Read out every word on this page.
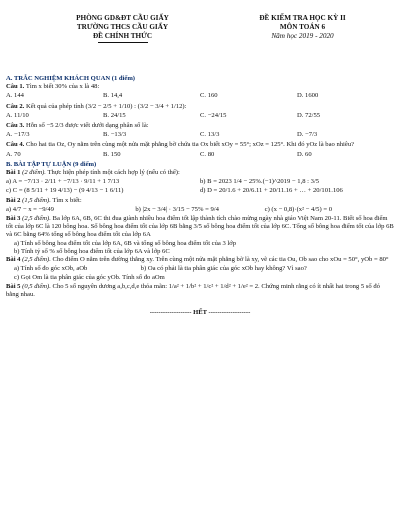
PHÒNG GD&ĐT CẦU GIẤY
TRƯỜNG THCS CẦU GIẤY
ĐỀ CHÍNH THỨC
ĐỀ KIỂM TRA HỌC KỲ II
MÔN TOÁN 6
Năm học 2019 - 2020
A. TRẮC NGHIỆM KHÁCH QUAN (1 điểm)

Câu 1. Tìm x biết 30% của x là 48:

A. 144	B. 14,4	C. 160	D. 1600

Câu 2. Kết quả của phép tính (3/2 − 2/5 + 1/10) : (3/2 − 3/4 + 1/12):

A. 11/10	B. 24/15	C. −24/15	D. 72/55

Câu 3. Hỗn số −5 2/3 được viết dưới dạng phân số là:

A. −17/3	B. −13/3	C. 13/3	D. −7/3

Câu 4. Cho hai tia Oz, Oy nằm trên cùng một nửa mặt phẳng bờ chứa tia Ox biết xOy = 55°; xOz = 125°. Khi đó yOz là bao nhiêu?

A. 70	B. 150	C. 80	D. 60
B. BÀI TẬP TỰ LUẬN (9 điểm)

Bài 1 (2 điểm). Thực hiện phép tính một cách hợp lý (nếu có thể):

a) A = −7/13 · 2/11 + −7/13 · 9/11 + 1 7/13	b) B = 2023 1/4 − 25%.(−1)^2019 − 1,8 : 3/5
c) C = (8 5/11 + 19 4/13) − (9 4/13 − 1 6/11)	d) D = 20/1.6 + 20/6.11 + 20/11.16 + … + 20/101.106

Bài 2 (1,5 điểm). Tìm x biết:

a) 4/7 − x = −9/49	b) |2x − 3/4| · 3/15 − 75% = 9/4	c) (x − 0,8)·(x² − 4/5) = 0

Bài 3 (2,5 điểm). Ba lớp 6A, 6B, 6C thi đua giành nhiều hoa điểm tốt lập thành tích chào mừng ngày nhà giáo Việt Nam 20-11. Biết số hoa điểm tốt của lớp 6C là 120 bông hoa. Số bông hoa điểm tốt của lớp 6B bằng 3/5 số bông hoa điểm tốt của lớp 6C. Tổng số bông hoa điểm tốt của lớp 6B và 6C bằng 64% tổng số bông hoa điểm tốt của lớp 6A

a) Tính số bông hoa điểm tốt của lớp 6A, 6B và tổng số bông hoa điểm tốt của 3 lớp
b) Tính tỷ số % số bông hoa điểm tốt của lớp 6A và lớp 6C

Bài 4 (2,5 điểm). Cho điểm O nằm trên đường thẳng xy. Trên cùng một nửa mặt phẳng bờ là xy, vẽ các tia Ou, Ob sao cho xOu = 50°, yOb = 80°

a) Tính số đo góc xOb, aOb	b) Oa có phải là tia phân giác của góc xOb hay không? Vì sao?
c) Gọi Om là tia phân giác của góc yOb. Tính số đo aOm

Bài 5 (0,5 điểm). Cho 5 số nguyên dương a,b,c,d,e thỏa mãn: 1/a² + 1/b² + 1/c² + 1/d² + 1/e² = 2. Chứng minh rằng có ít nhất hai trong 5 số đó bằng nhau.

------------------- HẾT -------------------
